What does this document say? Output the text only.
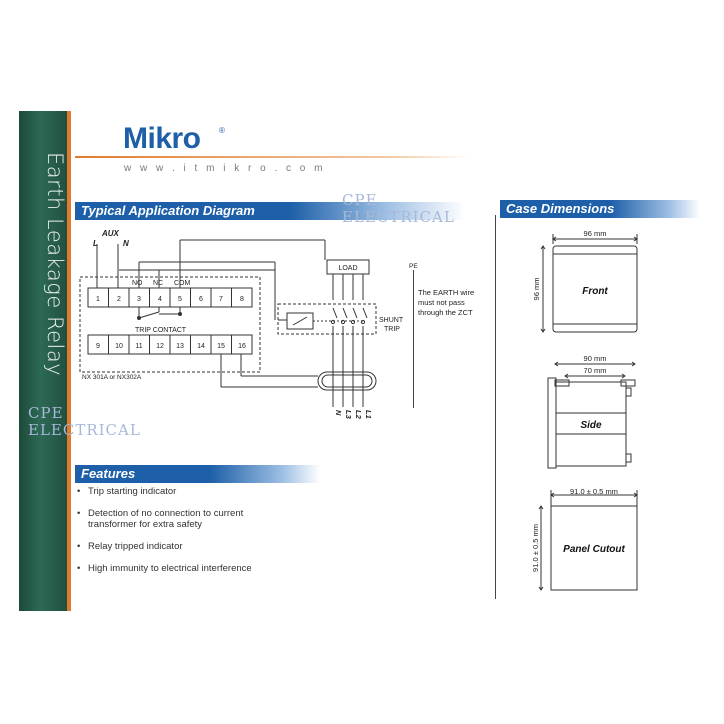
Earth Leakage Relay
Mikro ®
w w w . i t m i k r o . c o m
Typical Application Diagram	Case Dimensions
Features
AUX
L	N
NO NC COM
1 2 3 4 5 6 7 8
9 10 11 12 13 14 15 16
TRIP CONTACT
NX 301A or NX302A
LOAD
SHUNT
TRIP
PE
N L3 L2 L1
The EARTH wire
must not pass
through the ZCT
CPE
ELECTRICAL
CPE
ELECTRICAL
• Trip starting indicator
• Detection of no connection to current transformer for extra safety
• Relay tripped indicator
• High immunity to electrical interference
96 mm
96 mm	Front
90 mm
70 mm
Side
91.0 ± 0.5 mm
91.0 ± 0.5 mm Panel Cutout
